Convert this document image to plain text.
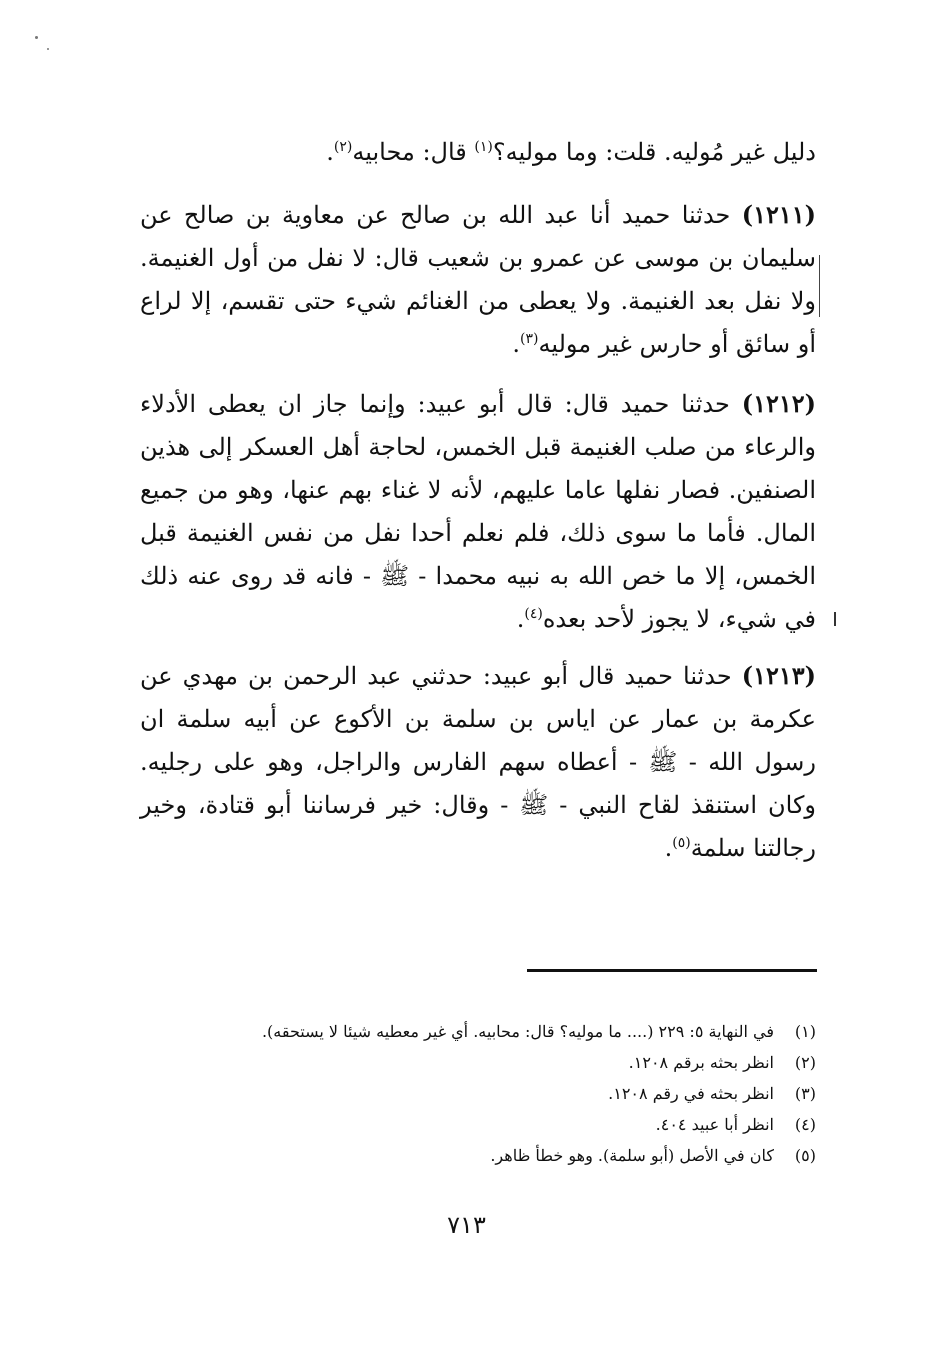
دليل غير مُوليه. قلت: وما موليه؟$^{(١)}$ قال: محابيه$^{(٢)}$.
(١٢١١) حدثنا حميد أنا عبد الله بن صالح عن معاوية بن صالح عن سليمان بن موسى عن عمرو بن شعيب قال: لا نفل من أول الغنيمة. ولا نفل بعد الغنيمة. ولا يعطى من الغنائم شيء حتى تقسم، إلا لراع أو سائق أو حارس غير موليه$^{(٣)}$.
(١٢١٢) حدثنا حميد قال: قال أبو عبيد: وإنما جاز ان يعطى الأدلاء والرعاء من صلب الغنيمة قبل الخمس، لحاجة أهل العسكر إلى هذين الصنفين. فصار نفلها عاما عليهم، لأنه لا غناء بهم عنها، وهو من جميع المال. فأما ما سوى ذلك، فلم نعلم أحدا نفل من نفس الغنيمة قبل الخمس، إلا ما خص الله به نبيه محمدا - ﷺ - فانه قد روى عنه ذلك في شيء، لا يجوز لأحد بعده$^{(٤)}$.
(١٢١٣) حدثنا حميد قال أبو عبيد: حدثني عبد الرحمن بن مهدي عن عكرمة بن عمار عن اياس بن سلمة بن الأكوع عن أبيه سلمة ان رسول الله - ﷺ - أعطاه سهم الفارس والراجل، وهو على رجليه. وكان استنقذ لقاح النبي - ﷺ - وقال: خير فرساننا أبو قتادة، وخير رجالتنا سلمة$^{(٥)}$.
(١)
في النهاية ٥: ٢٢٩ (.... ما موليه؟ قال: محابيه. أي غير معطيه شيئا لا يستحقه).
(٢)
انظر بحثه برقم ١٢٠٨.
(٣)
انظر بحثه في رقم ١٢٠٨.
(٤)
انظر أبا عبيد ٤٠٤.
(٥)
كان في الأصل (أبو سلمة). وهو خطأ ظاهر.
٧١٣
